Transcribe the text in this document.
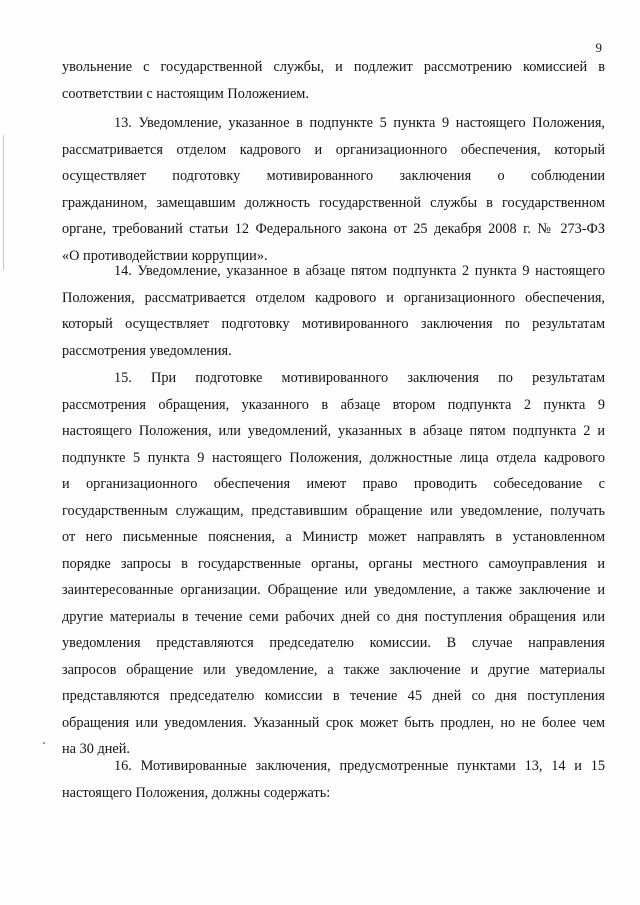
9
увольнение с государственной службы, и подлежит рассмотрению комиссией в
соответствии с настоящим Положением.
13. Уведомление, указанное в подпункте 5 пункта 9 настоящего Положения,
рассматривается отделом кадрового и организационного обеспечения, который
осуществляет подготовку мотивированного заключения о соблюдении
гражданином, замещавшим должность государственной службы в государственном
органе, требований статьи 12 Федерального закона от 25 декабря 2008 г. № 273-ФЗ
«О противодействии коррупции».
14. Уведомление, указанное в абзаце пятом подпункта 2 пункта 9 настоящего
Положения, рассматривается отделом кадрового и организационного обеспечения,
который осуществляет подготовку мотивированного заключения по результатам
рассмотрения уведомления.
15. При подготовке мотивированного заключения по результатам
рассмотрения обращения, указанного в абзаце втором подпункта 2 пункта 9
настоящего Положения, или уведомлений, указанных в абзаце пятом подпункта 2 и
подпункте 5 пункта 9 настоящего Положения, должностные лица отдела кадрового
и организационного обеспечения имеют право проводить собеседование с
государственным служащим, представившим обращение или уведомление, получать
от него письменные пояснения, а Министр может направлять в установленном
порядке запросы в государственные органы, органы местного самоуправления и
заинтересованные организации. Обращение или уведомление, а также заключение и
другие материалы в течение семи рабочих дней со дня поступления обращения или
уведомления представляются председателю комиссии. В случае направления
запросов обращение или уведомление, а также заключение и другие материалы
представляются председателю комиссии в течение 45 дней со дня поступления
обращения или уведомления. Указанный срок может быть продлен, но не более чем
на 30 дней.
16. Мотивированные заключения, предусмотренные пунктами 13, 14 и 15
настоящего Положения, должны содержать:
